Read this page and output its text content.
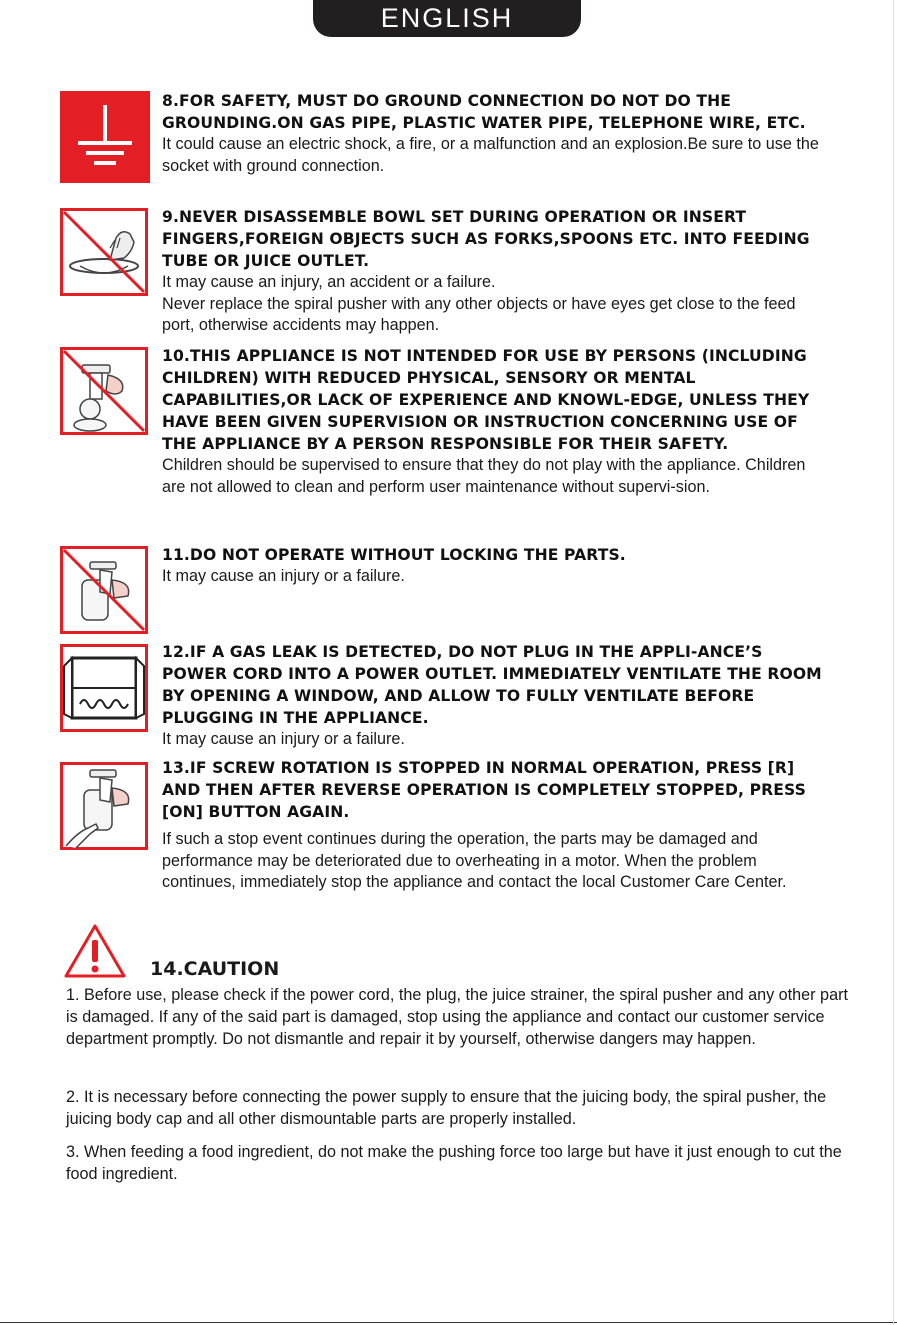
ENGLISH
8.FOR SAFETY, MUST DO GROUND CONNECTION DO NOT DO THE GROUNDING.ON GAS PIPE, PLASTIC WATER PIPE, TELEPHONE WIRE, ETC.
It could cause an electric shock, a fire, or a malfunction and an explosion.Be sure to use the socket with ground connection.
9.NEVER DISASSEMBLE BOWL SET DURING OPERATION OR INSERT FINGERS,FOREIGN OBJECTS SUCH AS FORKS,SPOONS ETC. INTO FEEDING TUBE OR JUICE OUTLET.
It may cause an injury, an accident or a failure.
Never replace the spiral pusher with any other objects or have eyes get close to the feed port, otherwise accidents may happen.
10.THIS APPLIANCE IS NOT INTENDED FOR USE BY PERSONS (INCLUDING CHILDREN) WITH REDUCED PHYSICAL, SENSORY OR MENTAL CAPABILITIES,OR LACK OF EXPERIENCE AND KNOWL-EDGE, UNLESS THEY HAVE BEEN GIVEN SUPERVISION OR INSTRUCTION CONCERNING USE OF THE APPLIANCE BY A PERSON RESPONSIBLE FOR THEIR SAFETY.
Children should be supervised to ensure that they do not play with the appliance. Children are not allowed to clean and perform user maintenance without supervi-sion.
11.DO NOT OPERATE WITHOUT LOCKING THE PARTS.
It may cause an injury or a failure.
12.IF A GAS LEAK IS DETECTED, DO NOT PLUG IN THE APPLI-ANCE’S POWER CORD INTO A POWER OUTLET. IMMEDIATELY VENTILATE THE ROOM BY OPENING A WINDOW, AND ALLOW TO FULLY VENTILATE BEFORE PLUGGING IN THE APPLIANCE.
It may cause an injury or a failure.
13.IF SCREW ROTATION IS STOPPED IN NORMAL OPERATION, PRESS [R] AND THEN AFTER REVERSE OPERATION IS COMPLETELY STOPPED, PRESS [ON] BUTTON AGAIN.
If such a stop event continues during the operation, the parts may be damaged and performance may be deteriorated due to overheating in a motor. When the problem continues, immediately stop the appliance and contact the local Customer Care Center.
14.CAUTION
1. Before use, please check if the power cord, the plug, the juice strainer, the spiral pusher and any other part is damaged. If any of the said part is damaged, stop using the appliance and contact our customer service department promptly. Do not dismantle and repair it by yourself, otherwise dangers may happen.
2. It is necessary before connecting the power supply to ensure that the juicing body, the spiral pusher, the juicing body cap and all other dismountable parts are properly installed.
3. When feeding a food ingredient, do not make the pushing force too large but have it just enough to cut the food ingredient.
